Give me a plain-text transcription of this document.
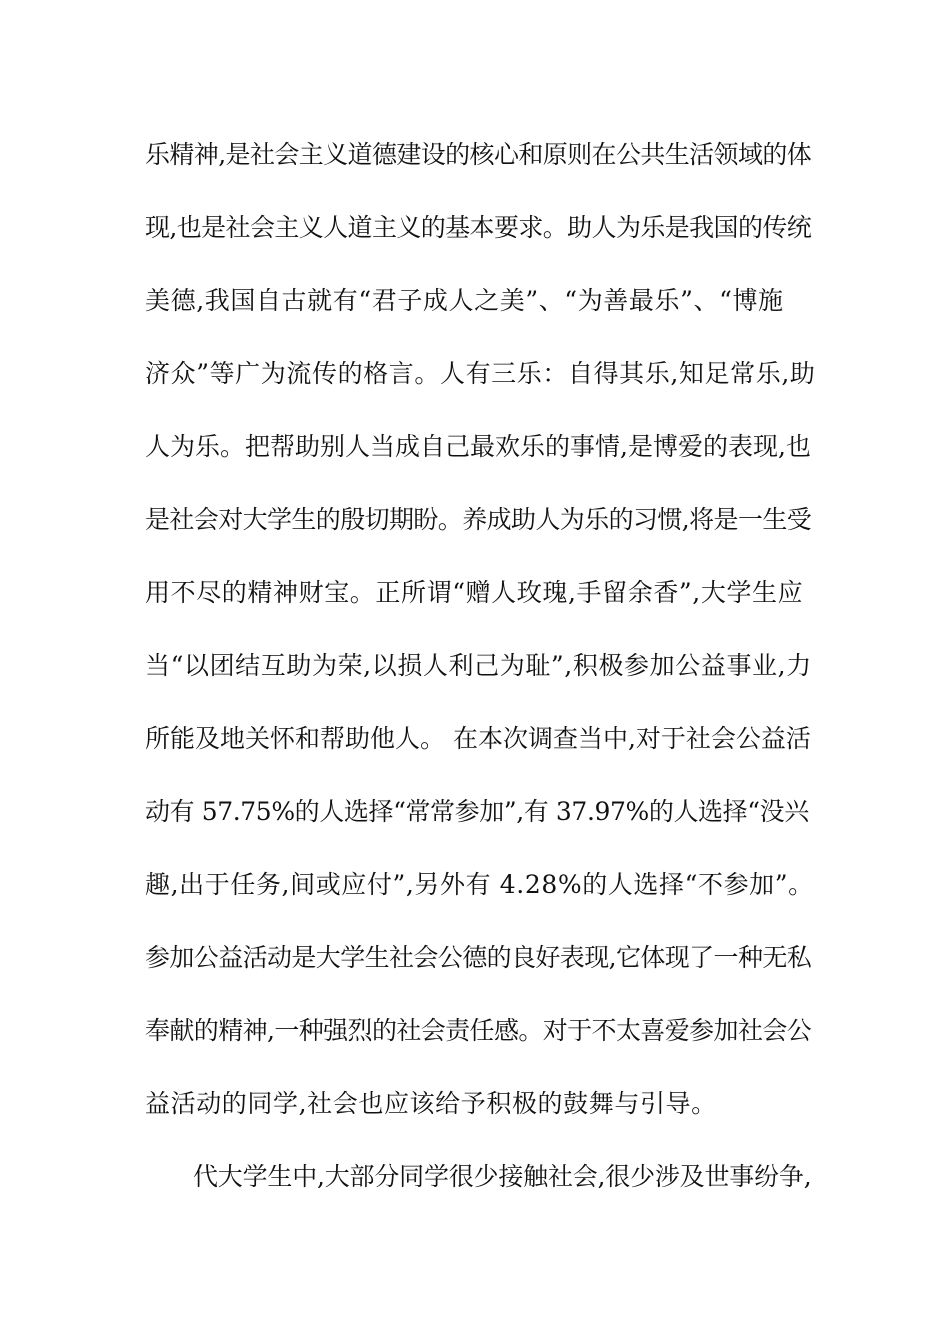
乐精神,是社会主义道德建设的核心和原则在公共生活领域的体
现,也是社会主义人道主义的基本要求。助人为乐是我国的传统
美德,我国自古就有“君子成人之美”、“为善最乐”、“博施
济众”等广为流传的格言。人有三乐：自得其乐,知足常乐,助
人为乐。把帮助别人当成自己最欢乐的事情,是博爱的表现,也
是社会对大学生的殷切期盼。养成助人为乐的习惯,将是一生受
用不尽的精神财宝。正所谓“赠人玫瑰,手留余香”,大学生应
当“以团结互助为荣,以损人利己为耻”,积极参加公益事业,力
所能及地关怀和帮助他人。 在本次调查当中,对于社会公益活
动有 57.75%的人选择“常常参加”,有 37.97%的人选择“没兴
趣,出于任务,间或应付”,另外有 4.28%的人选择“不参加”。
参加公益活动是大学生社会公德的良好表现,它体现了一种无私
奉献的精神,一种强烈的社会责任感。对于不太喜爱参加社会公
益活动的同学,社会也应该给予积极的鼓舞与引导。
代大学生中,大部分同学很少接触社会,很少涉及世事纷争,
